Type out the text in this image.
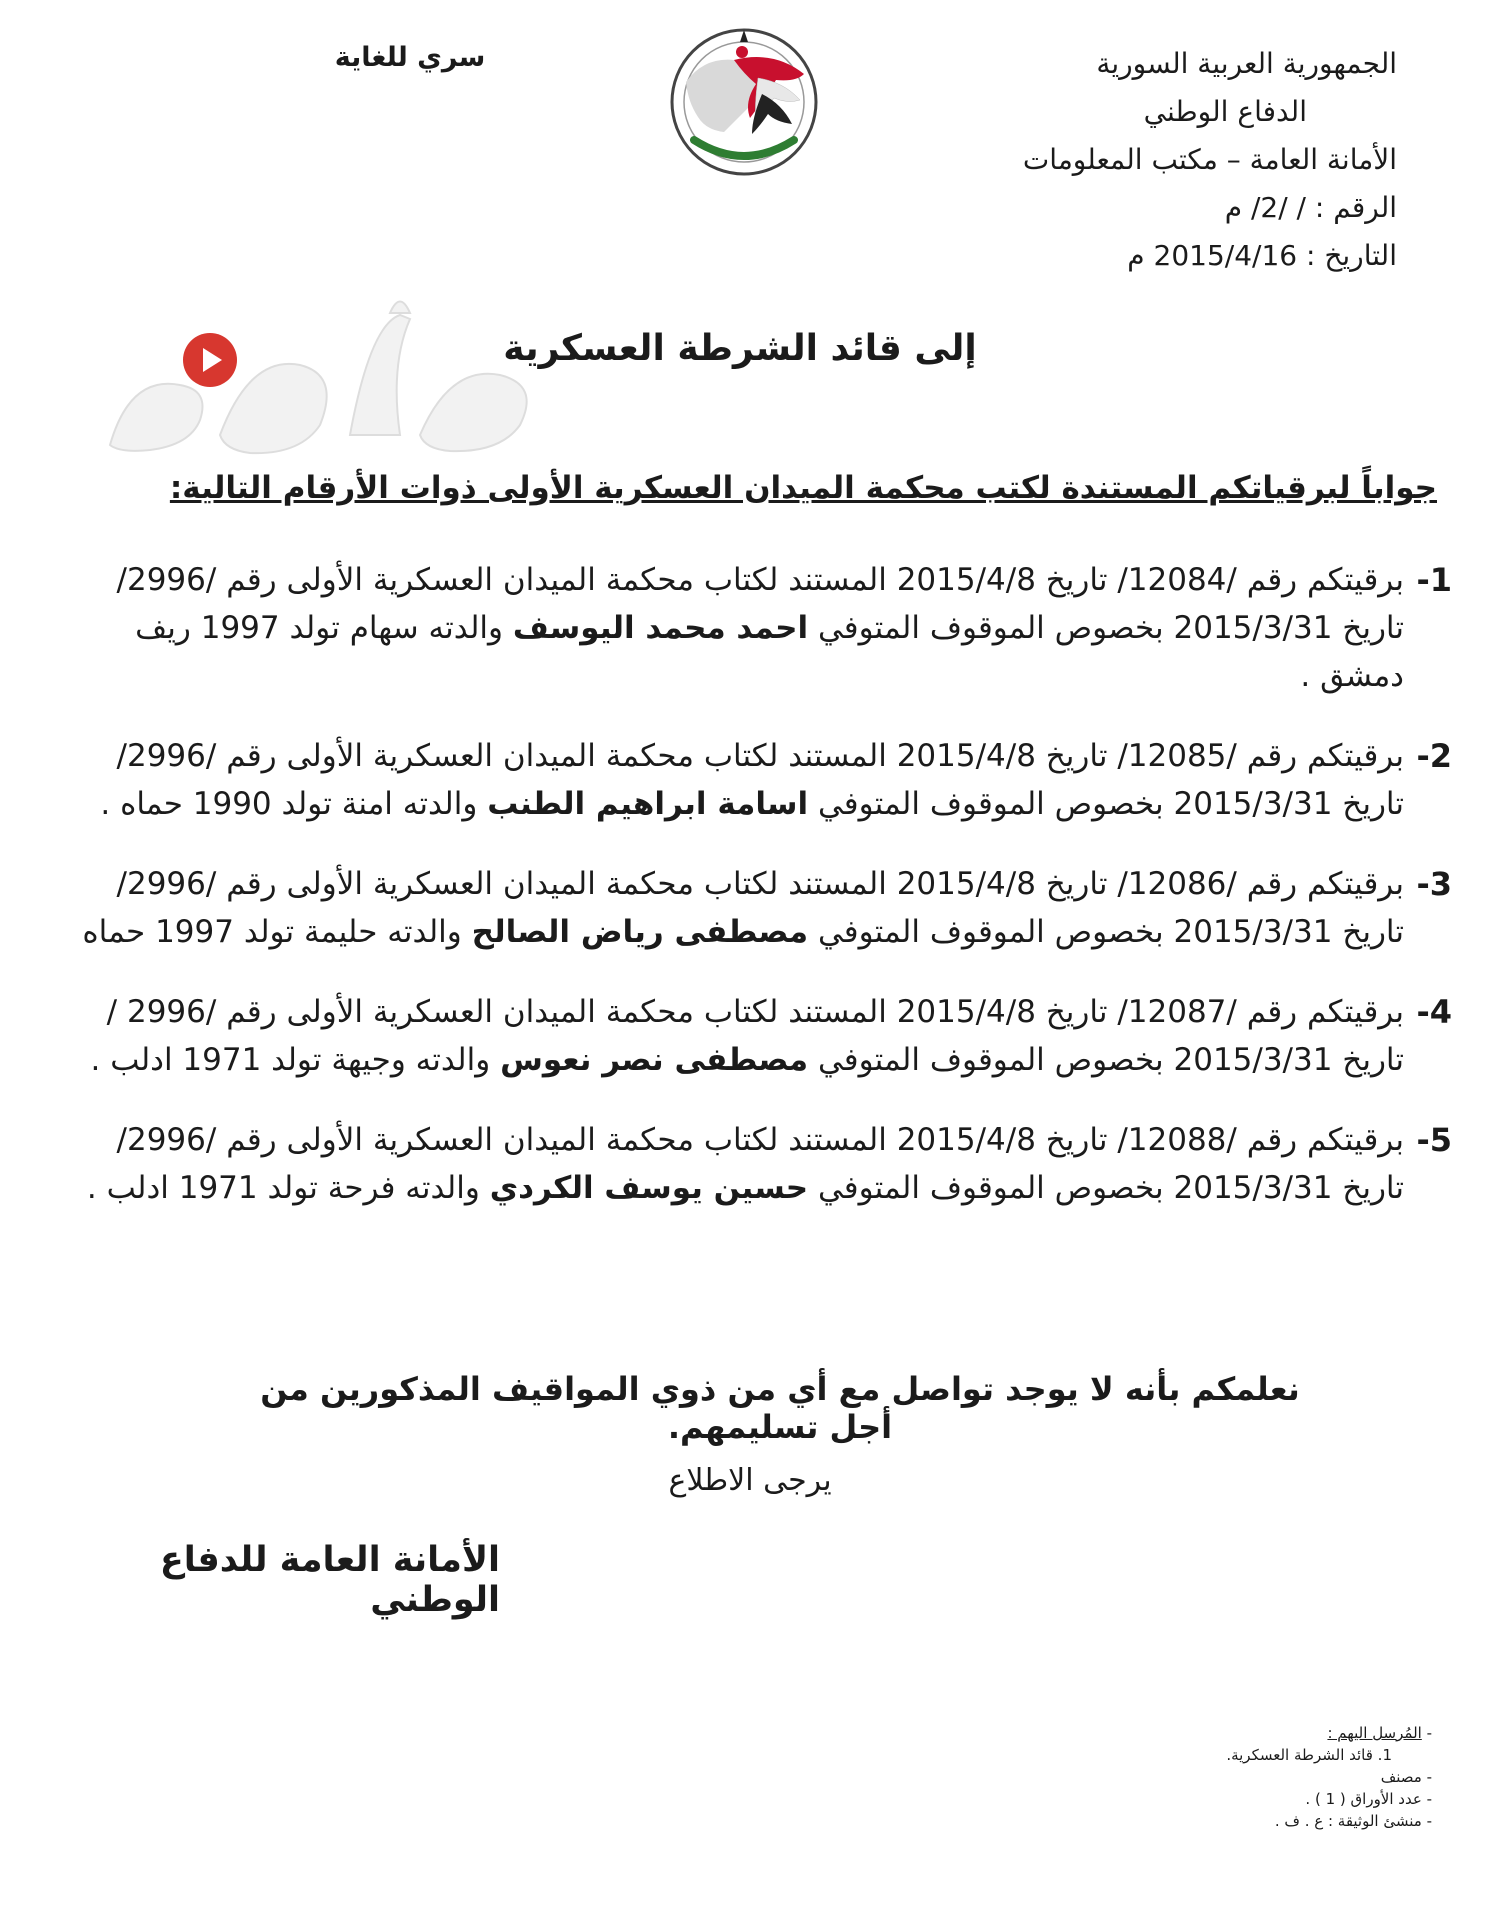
الجمهورية العربية السورية
الدفاع الوطني
الأمانة العامة – مكتب المعلومات
الرقم : / /2/ م
التاريخ : 2015/4/16 م
سري للغاية
إلى قائد الشرطة العسكرية
جواباً لبرقياتكم المستندة لكتب محكمة الميدان العسكرية الأولى ذوات الأرقام التالية:
1-
برقيتكم رقم /12084/ تاريخ 2015/4/8 المستند لكتاب محكمة الميدان العسكرية الأولى رقم /2996/ تاريخ 2015/3/31 بخصوص الموقوف المتوفي احمد محمد اليوسف والدته سهام تولد 1997 ريف دمشق .
2-
برقيتكم رقم /12085/ تاريخ 2015/4/8 المستند لكتاب محكمة الميدان العسكرية الأولى رقم /2996/ تاريخ 2015/3/31 بخصوص الموقوف المتوفي اسامة ابراهيم الطنب والدته امنة تولد 1990 حماه .
3-
برقيتكم رقم /12086/ تاريخ 2015/4/8 المستند لكتاب محكمة الميدان العسكرية الأولى رقم /2996/ تاريخ 2015/3/31 بخصوص الموقوف المتوفي مصطفى رياض الصالح والدته حليمة تولد 1997 حماه
4-
برقيتكم رقم /12087/ تاريخ 2015/4/8 المستند لكتاب محكمة الميدان العسكرية الأولى رقم /2996 / تاريخ 2015/3/31 بخصوص الموقوف المتوفي مصطفى نصر نعوس والدته وجيهة تولد 1971 ادلب .
5-
برقيتكم رقم /12088/ تاريخ 2015/4/8 المستند لكتاب محكمة الميدان العسكرية الأولى رقم /2996/ تاريخ 2015/3/31 بخصوص الموقوف المتوفي حسين يوسف الكردي والدته فرحة تولد 1971 ادلب .
نعلمكم بأنه لا يوجد تواصل مع أي من ذوي المواقيف المذكورين من أجل تسليمهم.
يرجى الاطلاع
الأمانة العامة للدفاع الوطني
- المُرسل اليهم :
1. قائد الشرطة العسكرية.
- مصنف
- عدد الأوراق ( 1 ) .
- منشئ الوثيقة : ع . ف .
